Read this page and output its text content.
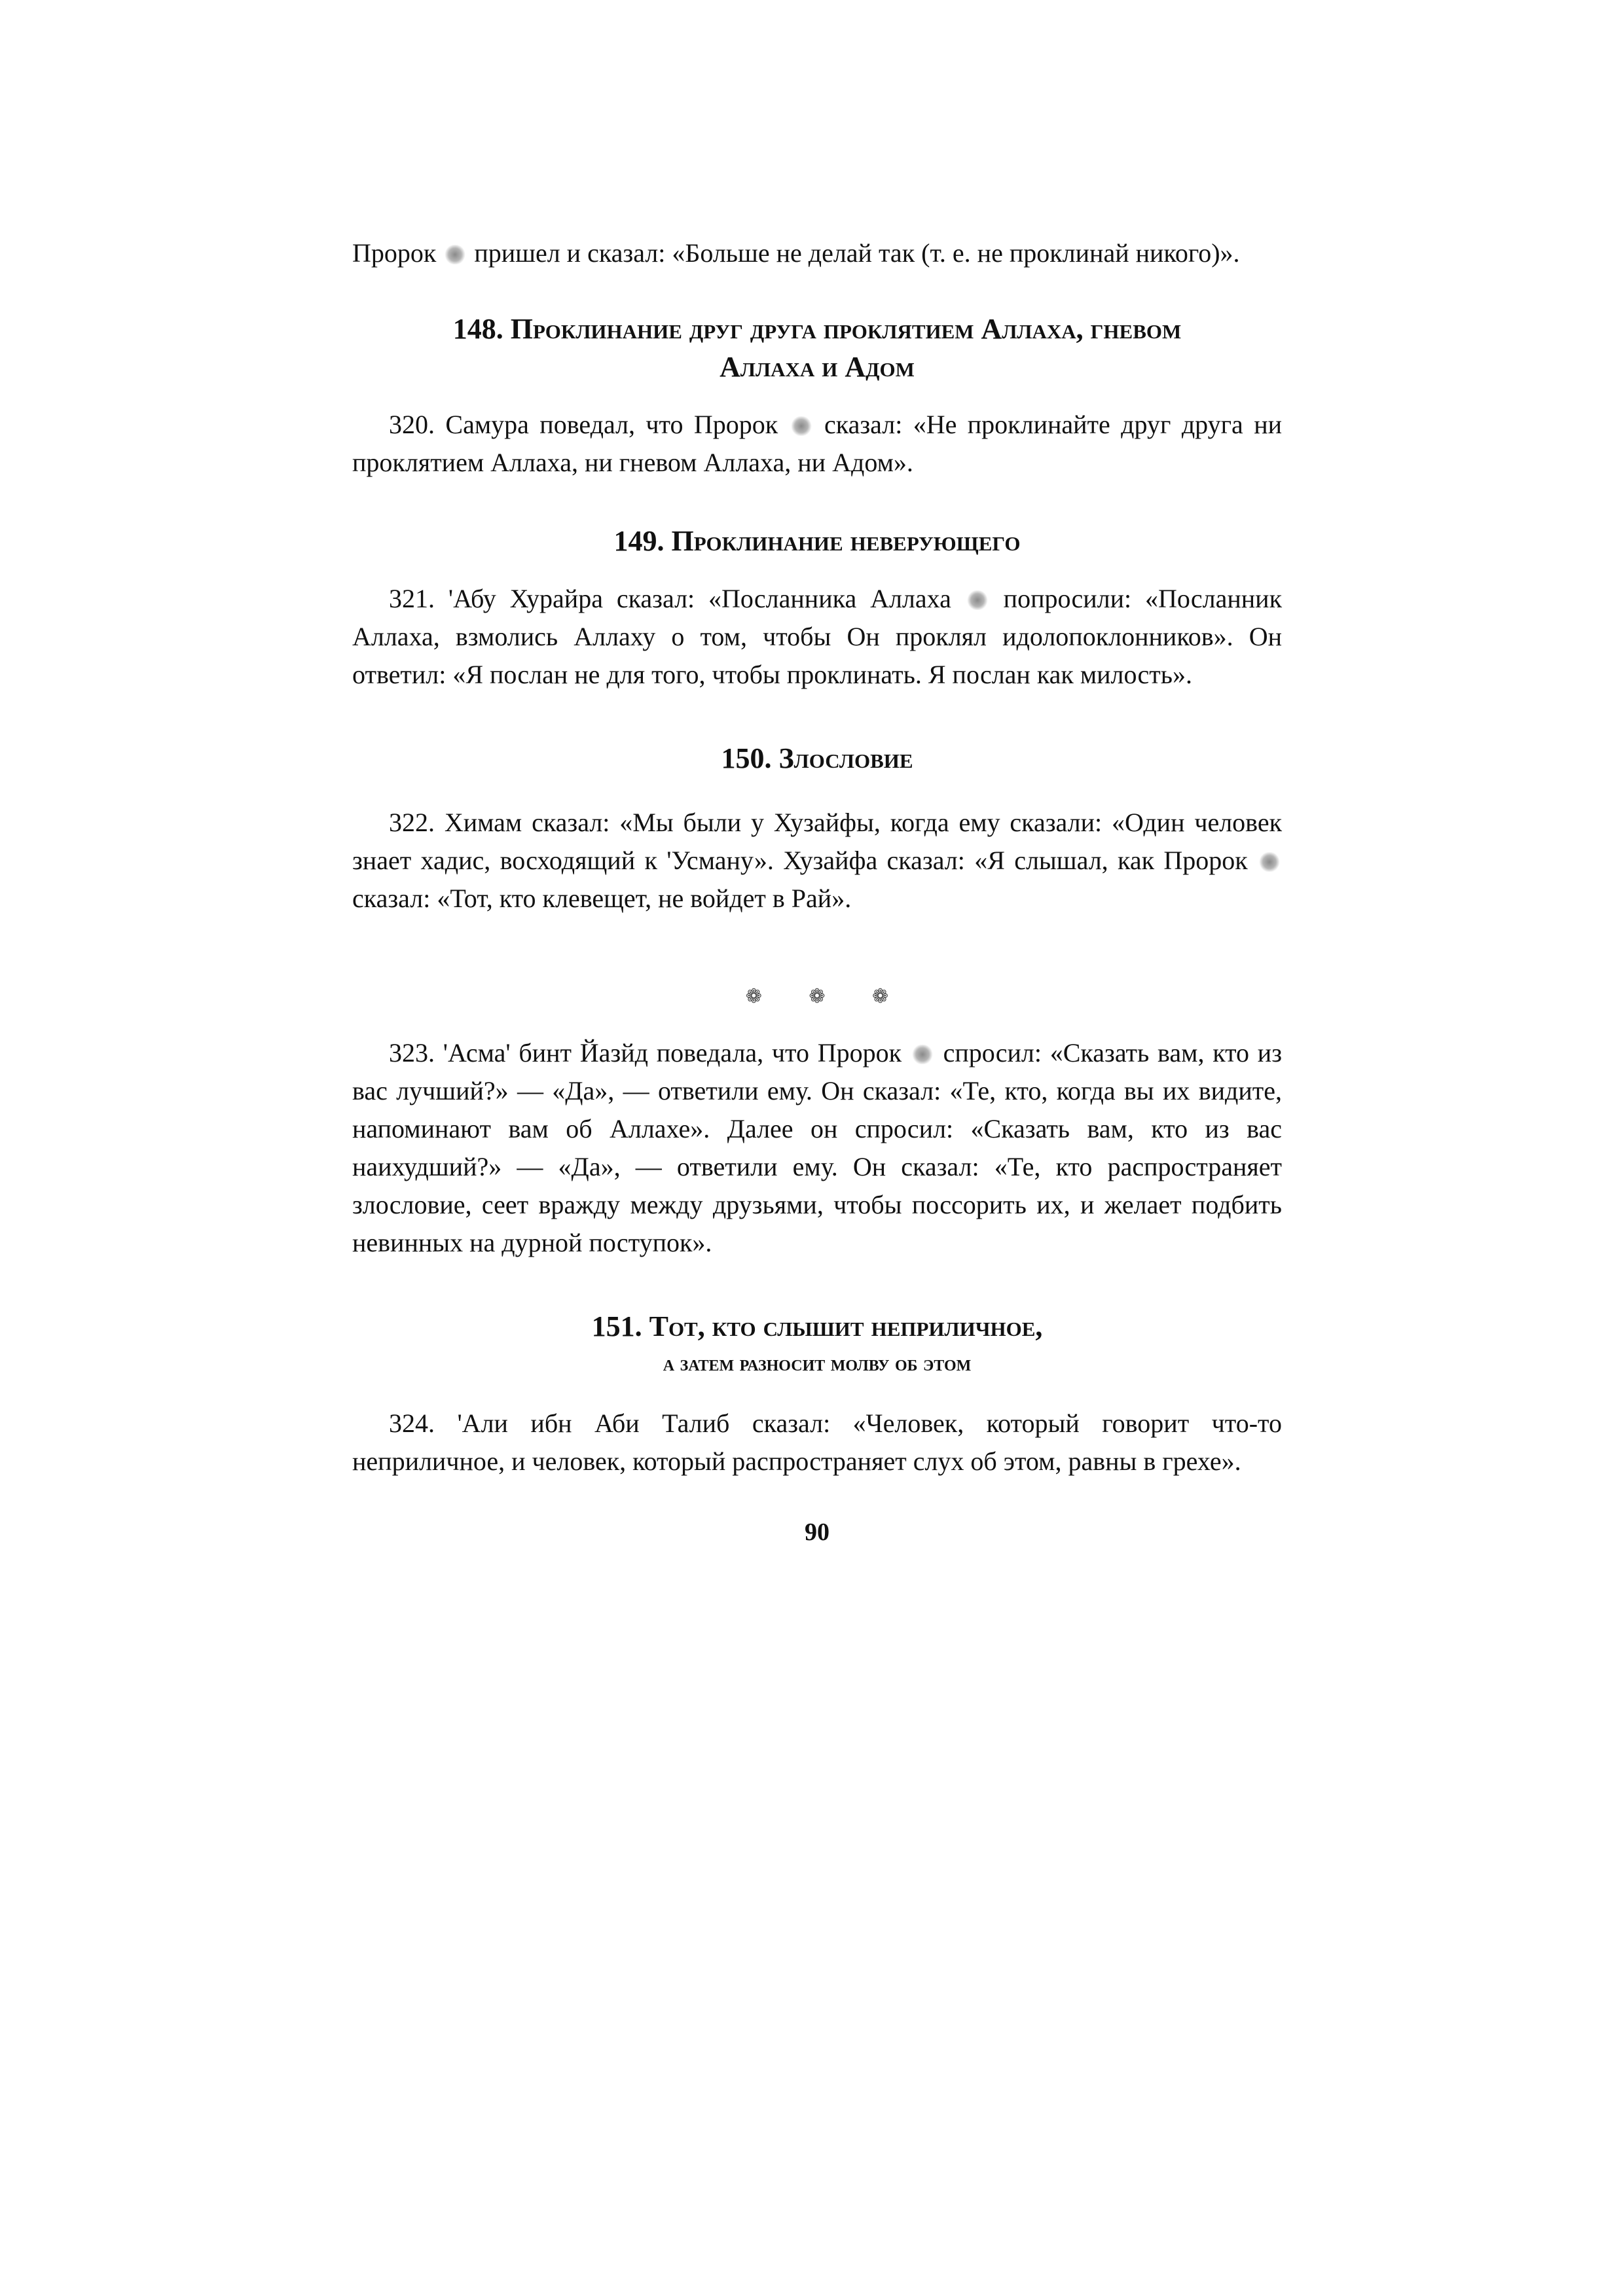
Пророк пришел и сказал: «Больше не делай так (т. е. не проклинай никого)».

148. Проклинание друг друга проклятием Аллаха, гневом
Аллаха и Адом

320. Самура поведал, что Пророк сказал: «Не проклинайте друг друга ни проклятием Аллаха, ни гневом Аллаха, ни Адом».

149. Проклинание неверующего

321. 'Абу Хурайра сказал: «Посланника Аллаха попросили: «Посланник Аллаха, взмолись Аллаху о том, чтобы Он проклял идолопоклонников». Он ответил: «Я послан не для того, чтобы проклинать. Я послан как милость».

150. Злословие

322. Химам сказал: «Мы были у Хузайфы, когда ему сказали: «Один человек знает хадис, восходящий к 'Усману». Хузайфа сказал: «Я слышал, как Пророк  сказал: «Тот, кто клевещет, не войдет в Рай».

❁ ❁ ❁

323. 'Асма' бинт Йазйд поведала, что Пророк спросил: «Сказать вам, кто из вас лучший?» — «Да», — ответили ему. Он сказал: «Те, кто, когда вы их видите, напоминают вам об Аллахе». Далее он спросил: «Сказать вам, кто из вас наихудший?» — «Да», — ответили ему. Он сказал: «Те, кто распространяет злословие, сеет вражду между друзьями, чтобы поссорить их, и желает подбить невинных на дурной поступок».

151. Тот, кто слышит неприличное,
а затем разносит молву об этом

324. 'Али ибн Аби Талиб сказал: «Человек, который говорит что-то неприличное, и человек, который распространяет слух об этом, равны в грехе».

90
